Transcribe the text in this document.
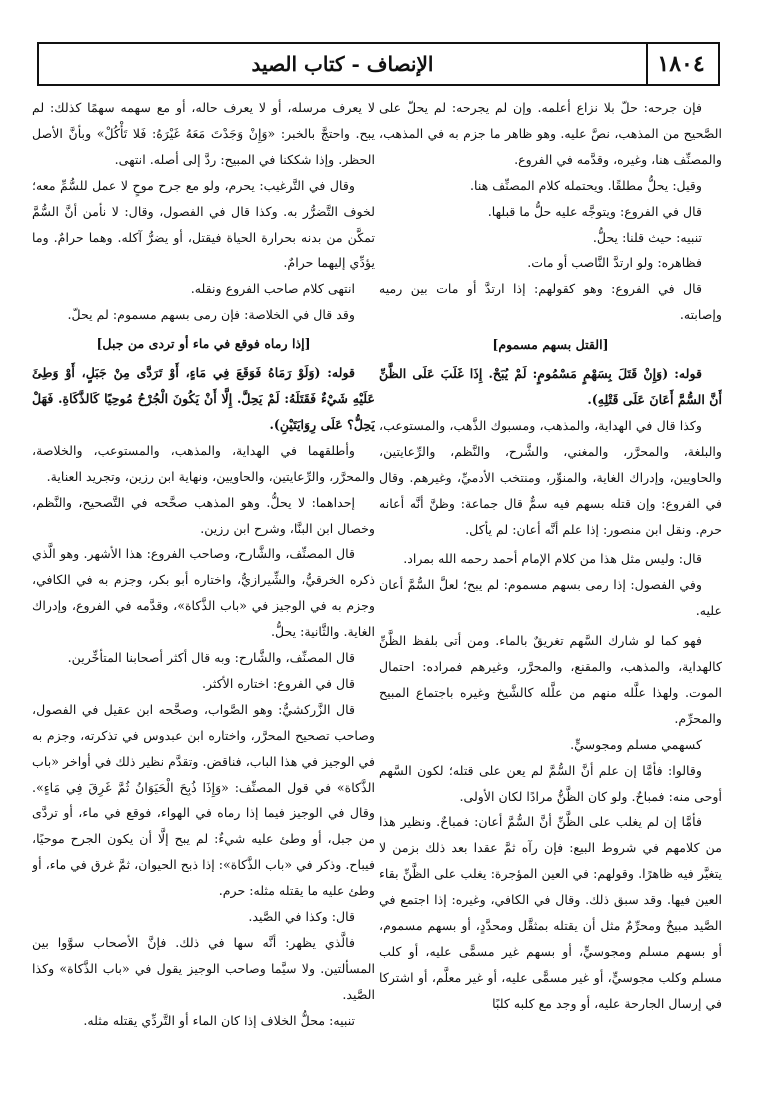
١٨٠٤
الإنصاف - كتاب الصيد

فإن جرحه: حلّ بلا نزاع أعلمه. وإن لم يجرحه: لم يحلّ على الصَّحيح من المذهب، نصَّ عليه. وهو ظاهر ما جزم به في المذهب، والمصنِّف هنا، وغيره، وقدَّمه في الفروع.

وقيل: يحلُّ مطلقًا. ويحتمله كلام المصنِّف هنا.

قال في الفروع: ويتوجَّه عليه حلُّ ما قبلها.

تنبيه: حيث قلنا: يحلُّ.

فظاهره: ولو ارتدَّ النَّاصب أو مات.

قال في الفروع: وهو كقولهم: إذا ارتدَّ أو مات بين رميه وإصابته.

[القتل بسهم مسموم]

قوله: (وَإِنْ قَتَلَ بِسَهْمٍ مَسْمُومٍ: لَمْ يُبَحْ. إِذَا غَلَبَ عَلَى الظَّنِّ أَنَّ السُّمَّ أَعَانَ عَلَى قَتْلِهِ).

وكذا قال في الهداية، والمذهب، ومسبوك الذَّهب، والمستوعب، والبلغة، والمحرَّر، والمغني، والشَّرح، والنَّظم، والرِّعايتين، والحاويين، وإدراك الغاية، والمنوِّر، ومنتخب الأدميِّ، وغيرهم. وقال في الفروع: وإن قتله بسهم فيه سمٌّ قال جماعة: وظنَّ أنَّه أعانه حرم. ونقل ابن منصور: إذا علم أنَّه أعان: لم يأكل.

قال: وليس مثل هذا من كلام الإمام أحمد رحمه الله بمراد.

وفي الفصول: إذا رمى بسهم مسموم: لم يبح؛ لعلَّ السُّمَّ أعان عليه.

فهو كما لو شارك السَّهم تغريقٌ بالماء. ومن أتى بلفظ الظَّنِّ كالهداية، والمذهب، والمقنع، والمحرَّر، وغيرهم فمراده: احتمال الموت. ولهذا علَّله منهم من علَّله كالشَّيخ وغيره باجتماع المبيح والمحرِّم.

كسهمي مسلم ومجوسيٍّ.

وقالوا: فأمَّا إن علم أنَّ السُّمَّ لم يعن على قتله؛ لكون السَّهم أوحى منه: فمباحٌ. ولو كان الظَّنُّ مرادًا لكان الأولى.

فأمَّا إن لم يغلب على الظَّنِّ أنَّ السُّمَّ أعان: فمباحٌ. ونظير هذا من كلامهم في شروط البيع: فإن رآه ثمَّ عقدا بعد ذلك بزمن لا يتغيَّر فيه ظاهرًا. وقولهم: في العين المؤجرة: يغلب على الظَّنِّ بقاء العين فيها. وقد سبق ذلك. وقال في الكافي، وغيره: إذا اجتمع في الصَّيد مبيحٌ ومحرِّمٌ مثل أن يقتله بمثقَّل ومحدَّدٍ، أو بسهم مسموم، أو بسهم مسلم ومجوسيٍّ، أو بسهم غير مسمًّى عليه، أو كلب مسلم وكلب مجوسيٍّ، أو غير مسمًّى عليه، أو غير معلَّم، أو اشتركا في إرسال الجارحة عليه، أو وجد مع كلبه كلبًا

لا يعرف مرسله، أو لا يعرف حاله، أو مع سهمه سهمًا كذلك: لم يبح. واحتجَّ بالخبر: «وَإِنْ وَجَدْتَ مَعَهُ غَيْرَهُ: فَلا تَأْكُلْ» وبأنَّ الأصل الحظر. وإذا شككنا في المبيح: ردَّ إلى أصله. انتهى.

وقال في التَّرغيب: يحرم، ولو مع جرح موحٍ لا عمل للسُّمِّ معه؛ لخوف التَّضرُّر به. وكذا قال في الفصول، وقال: لا نأمن أنَّ السُّمَّ تمكَّن من بدنه بحرارة الحياة فيقتل، أو يضرُّ آكله. وهما حرامٌ. وما يؤدِّي إليهما حرامٌ.

انتهى كلام صاحب الفروع ونقله.

وقد قال في الخلاصة: فإن رمى بسهم مسموم: لم يحلّ.

[إذا رماه فوقع في ماء أو تردى من جبل]

قوله: (وَلَوْ رَمَاهُ فَوَقَعَ فِي مَاءٍ، أَوْ تَرَدَّى مِنْ جَبَلٍ، أَوْ وَطِئَ عَلَيْهِ شَيْءٌ فَقَتَلَهُ: لَمْ يَحِلَّ. إِلَّا أَنْ يَكُونَ الْجُرْحُ مُوحِيًا كَالذَّكَاةِ. فَهَلْ يَحِلُّ؟ عَلَى رِوَايَتَيْنِ).

وأطلقهما في الهداية، والمذهب، والمستوعب، والخلاصة، والمحرَّر، والرِّعايتين، والحاويين، ونهاية ابن رزين، وتجريد العناية.

إحداهما: لا يحلُّ. وهو المذهب صحَّحه في التَّصحيح، والنَّظم، وخصال ابن البنَّا، وشرح ابن رزين.

قال المصنِّف، والشَّارح، وصاحب الفروع: هذا الأشهر. وهو الَّذي ذكره الخرقيُّ، والشِّيرازيُّ، واختاره أبو بكر، وجزم به في الكافي، وجزم به في الوجيز في «باب الذَّكاة»، وقدَّمه في الفروع، وإدراك الغاية. والثَّانية: يحلُّ.

قال المصنِّف، والشَّارح: وبه قال أكثر أصحابنا المتأخِّرين.

قال في الفروع: اختاره الأكثر.

قال الزَّركشيُّ: وهو الصَّواب، وصحَّحه ابن عقيل في الفصول، وصاحب تصحيح المحرَّر، واختاره ابن عبدوس في تذكرته، وجزم به في الوجيز في هذا الباب، فناقض. وتقدَّم نظير ذلك في أواخر «باب الذَّكاة» في قول المصنِّف: «وَإِذَا ذُبِحَ الْحَيَوَانُ ثُمَّ غَرِقَ فِي مَاءٍ». وقال في الوجيز فيما إذا رماه في الهواء، فوقع في ماء، أو تردَّى من جبل، أو وطئ عليه شيءٌ: لم يبح إلَّا أن يكون الجرح موحيًا، فيباح. وذكر في «باب الذَّكاة»: إذا ذبح الحيوان، ثمَّ غرق في ماء، أو وطئ عليه ما يقتله مثله: حرم.

قال: وكذا في الصَّيد.

فالَّذي يظهر: أنَّه سها في ذلك. فإنَّ الأصحاب سوَّوا بين المسألتين. ولا سيَّما وصاحب الوجيز يقول في «باب الذَّكاة» وكذا الصَّيد.

تنبيه: محلُّ الخلاف إذا كان الماء أو التَّردِّي يقتله مثله.
